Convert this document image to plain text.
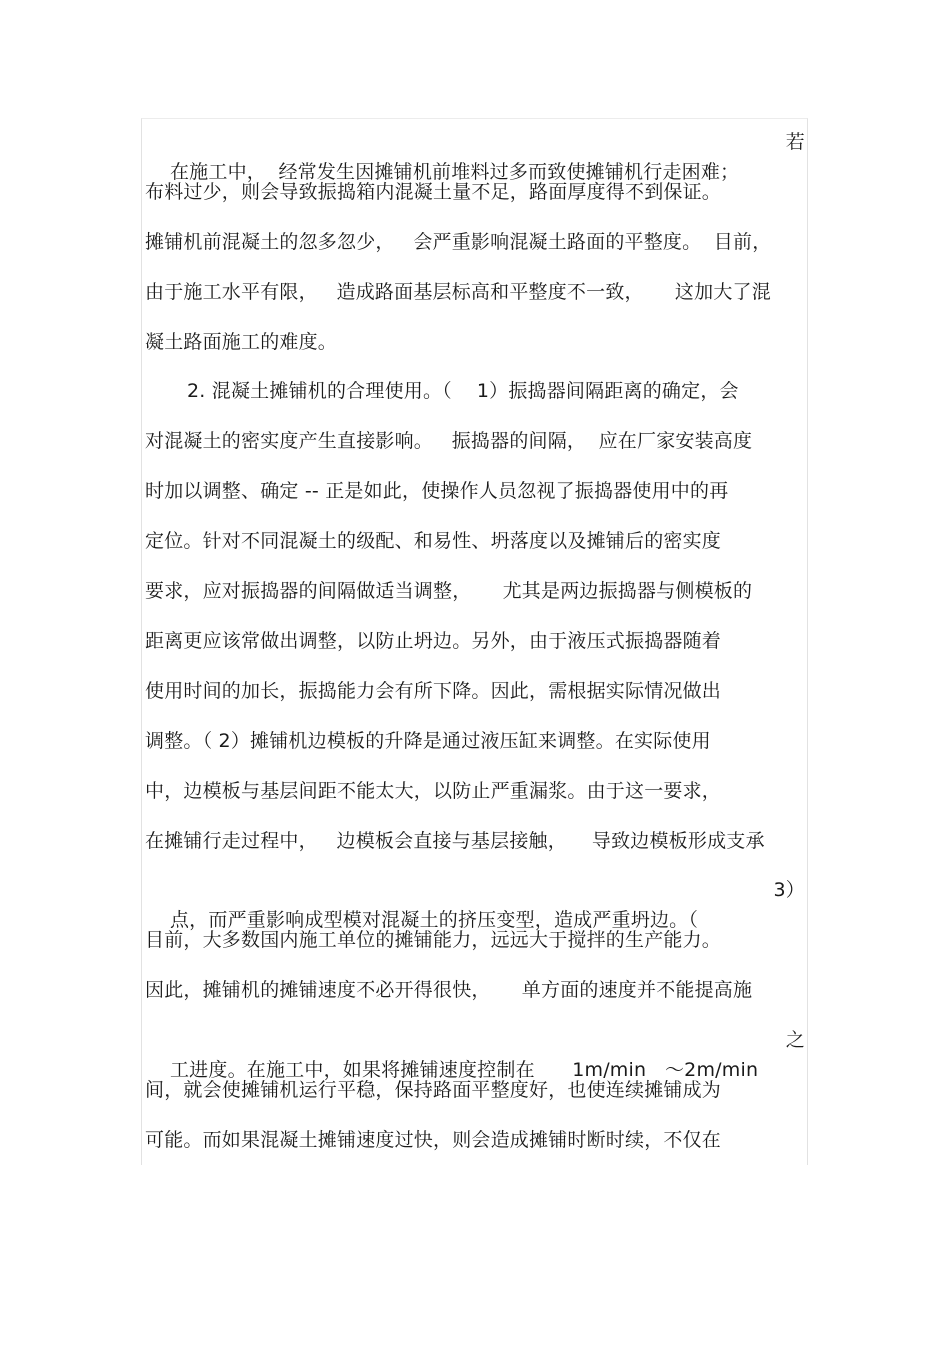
在施工中，  经常发生因摊铺机前堆料过多而致使摊铺机行走困难；

若

布料过少，则会导致振捣箱内混凝土量不足，路面厚度得不到保证。
摊铺机前混凝土的忽多忽少，   会严重影响混凝土路面的平整度。  目前，
由于施工水平有限，   造成路面基层标高和平整度不一致，     这加大了混
凝土路面施工的难度。
2. 混凝土摊铺机的合理使用。（    1）振捣器间隔距离的确定，会
对混凝土的密实度产生直接影响。   振捣器的间隔，  应在厂家安装高度
时加以调整、确定 -- 正是如此，使操作人员忽视了振捣器使用中的再
定位。针对不同混凝土的级配、和易性、坍落度以及摊铺后的密实度
要求，应对振捣器的间隔做适当调整，     尤其是两边振捣器与侧模板的
距离更应该常做出调整，以防止坍边。另外，由于液压式振捣器随着
使用时间的加长，振捣能力会有所下降。因此，需根据实际情况做出
调整。（ 2）摊铺机边模板的升降是通过液压缸来调整。在实际使用
中，边模板与基层间距不能太大，以防止严重漏浆。由于这一要求，
在摊铺行走过程中，   边模板会直接与基层接触，    导致边模板形成支承

点，而严重影响成型模对混凝土的挤压变型，造成严重坍边。（

3）

目前，大多数国内施工单位的摊铺能力，远远大于搅拌的生产能力。
因此，摊铺机的摊铺速度不必开得很快，     单方面的速度并不能提高施

工进度。在施工中，如果将摊铺速度控制在      1m/min   ～2m/min

之

间，就会使摊铺机运行平稳，保持路面平整度好，也使连续摊铺成为
可能。而如果混凝土摊铺速度过快，则会造成摊铺时断时续，不仅在
